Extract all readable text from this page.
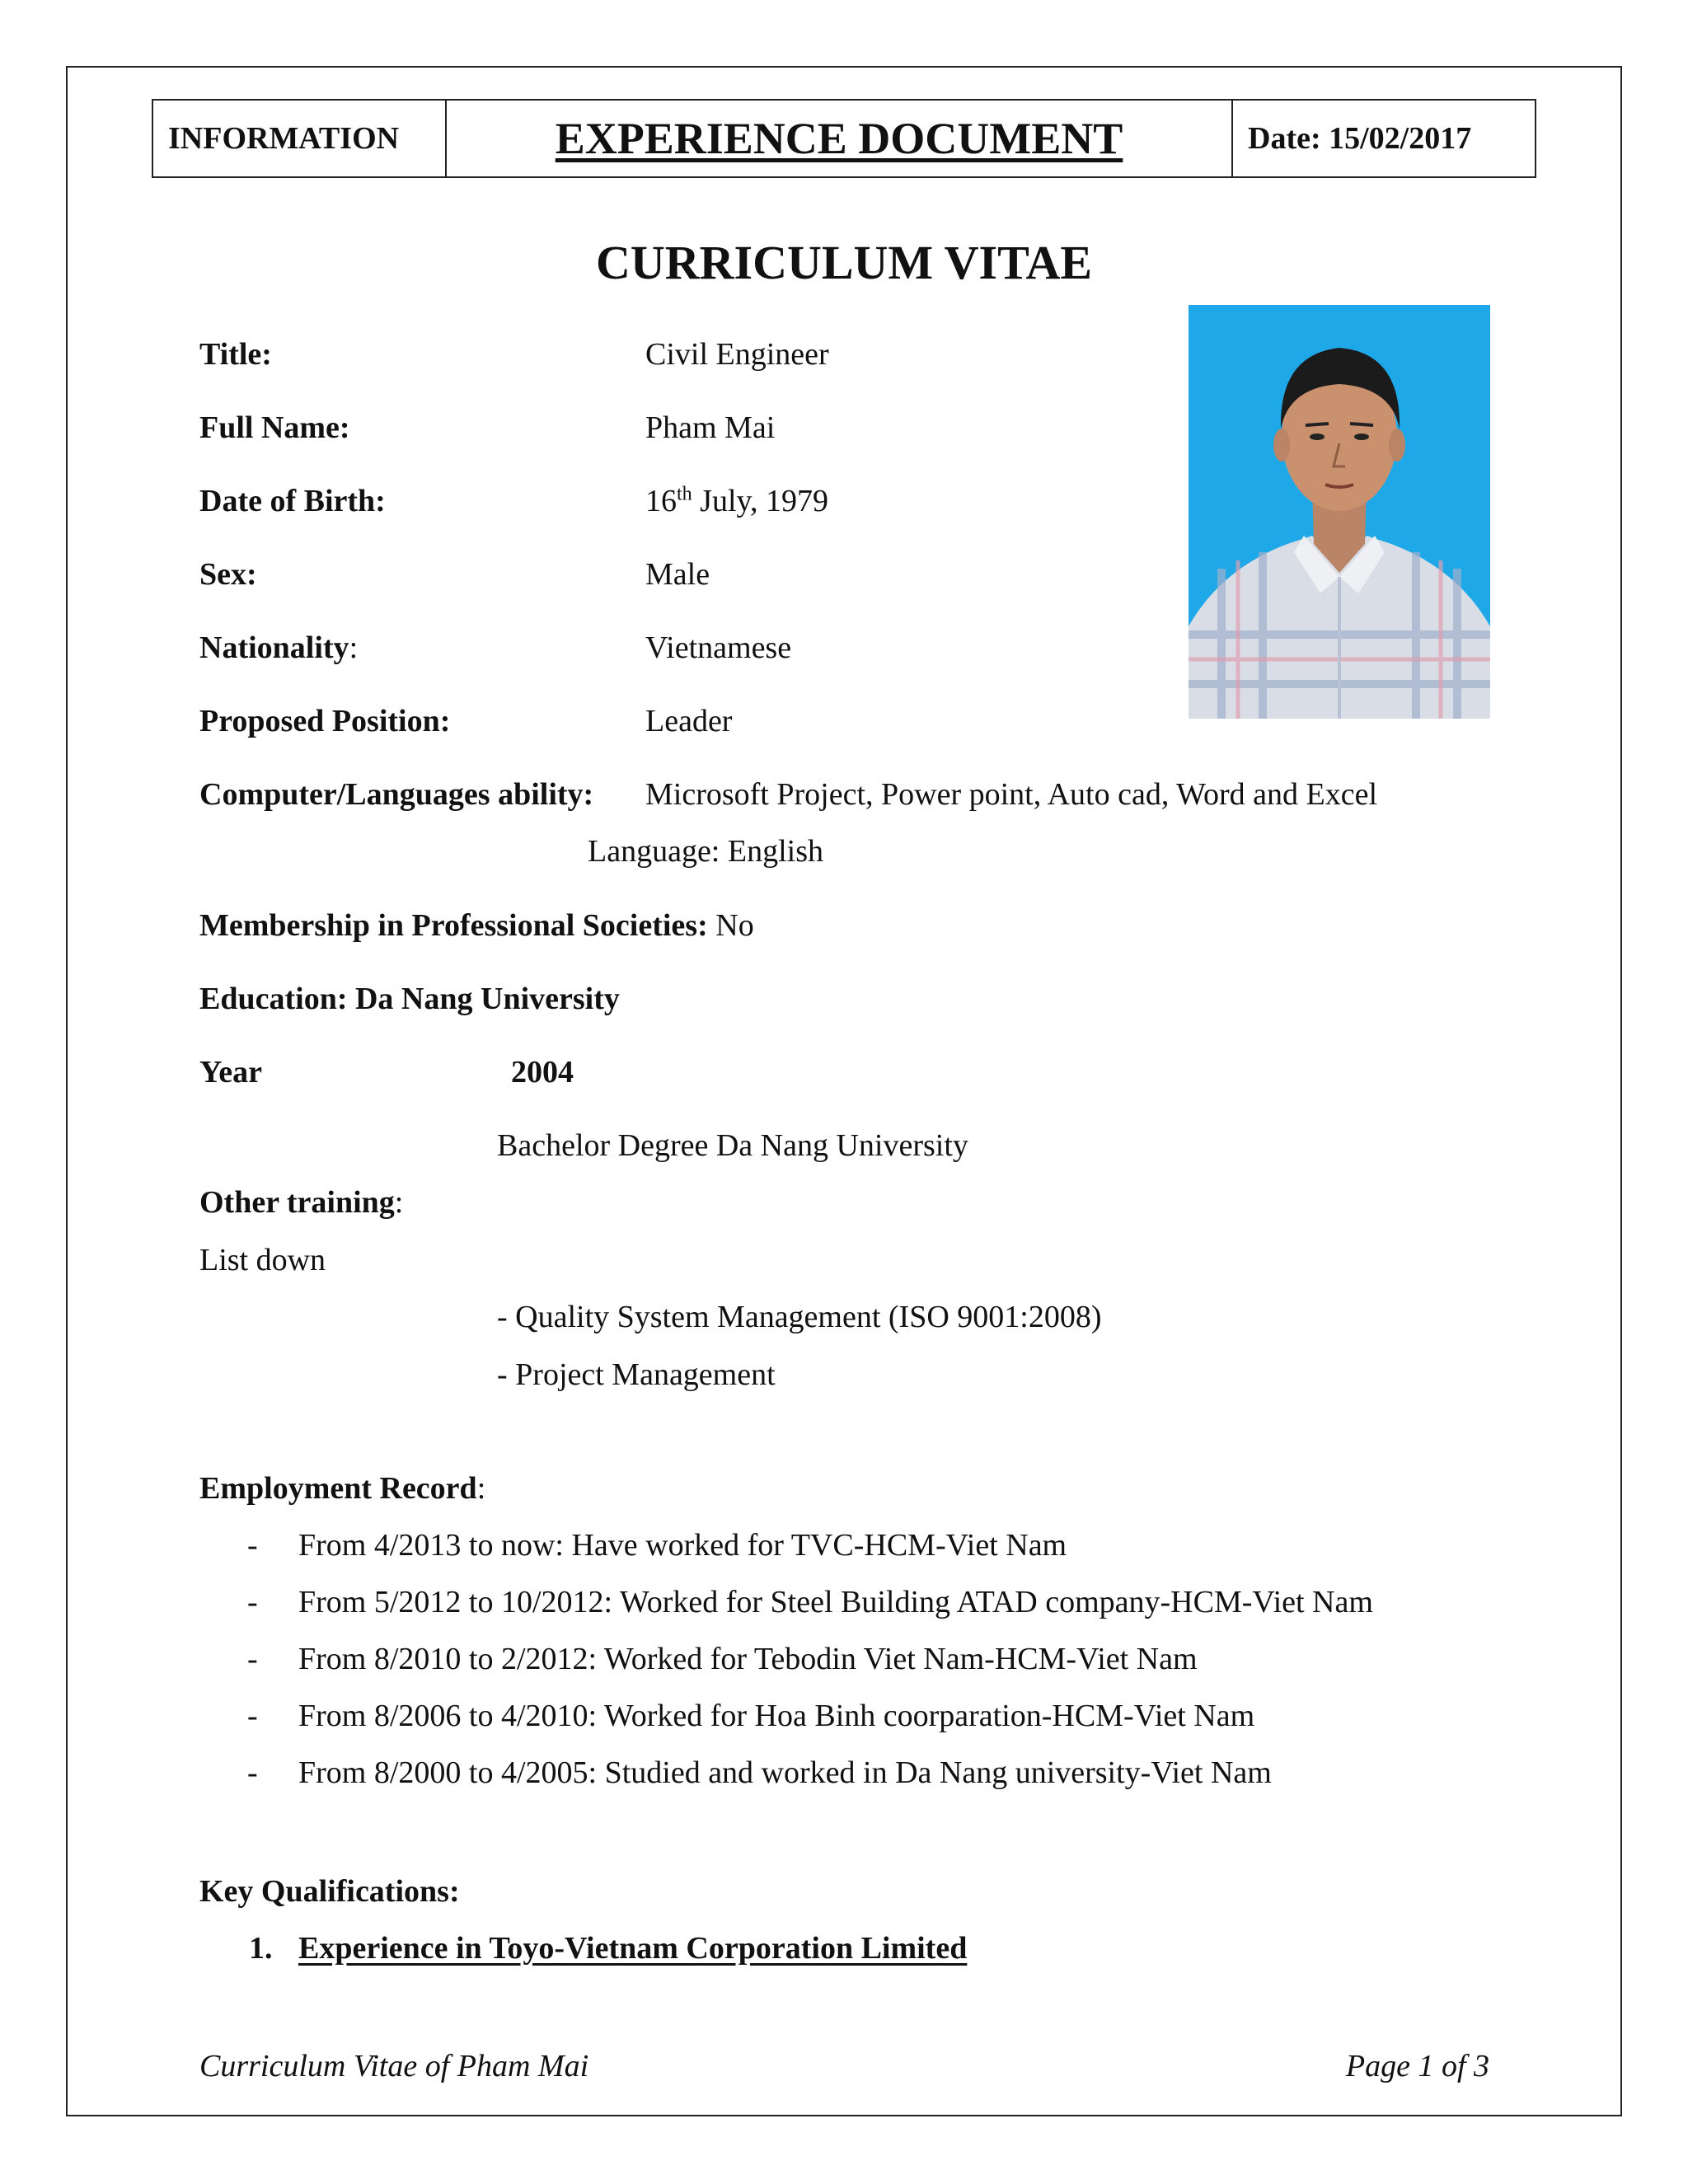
INFORMATION	EXPERIENCE DOCUMENT	Date: 15/02/2017
CURRICULUM VITAE
Title:	Civil Engineer
Full Name:	Pham Mai
Date of Birth:	16th July, 1979
Sex:	Male
Nationality:	Vietnamese
Proposed Position:	Leader
Computer/Languages ability: Microsoft Project, Power point, Auto cad, Word and Excel
Language: English
Membership in Professional Societies: No
Education: Da Nang University
Year	2004
Bachelor Degree Da Nang University
Other training:
List down
- Quality System Management (ISO 9001:2008)
- Project Management
Employment Record:
- From 4/2013 to now: Have worked for TVC-HCM-Viet Nam
- From 5/2012 to 10/2012: Worked for Steel Building ATAD company-HCM-Viet Nam
- From 8/2010 to 2/2012: Worked for Tebodin Viet Nam-HCM-Viet Nam
- From 8/2006 to 4/2010: Worked for Hoa Binh coorparation-HCM-Viet Nam
- From 8/2000 to 4/2005: Studied and worked in Da Nang university-Viet Nam
Key Qualifications:
1. Experience in Toyo-Vietnam Corporation Limited
Curriculum Vitae of Pham Mai	Page 1 of 3
